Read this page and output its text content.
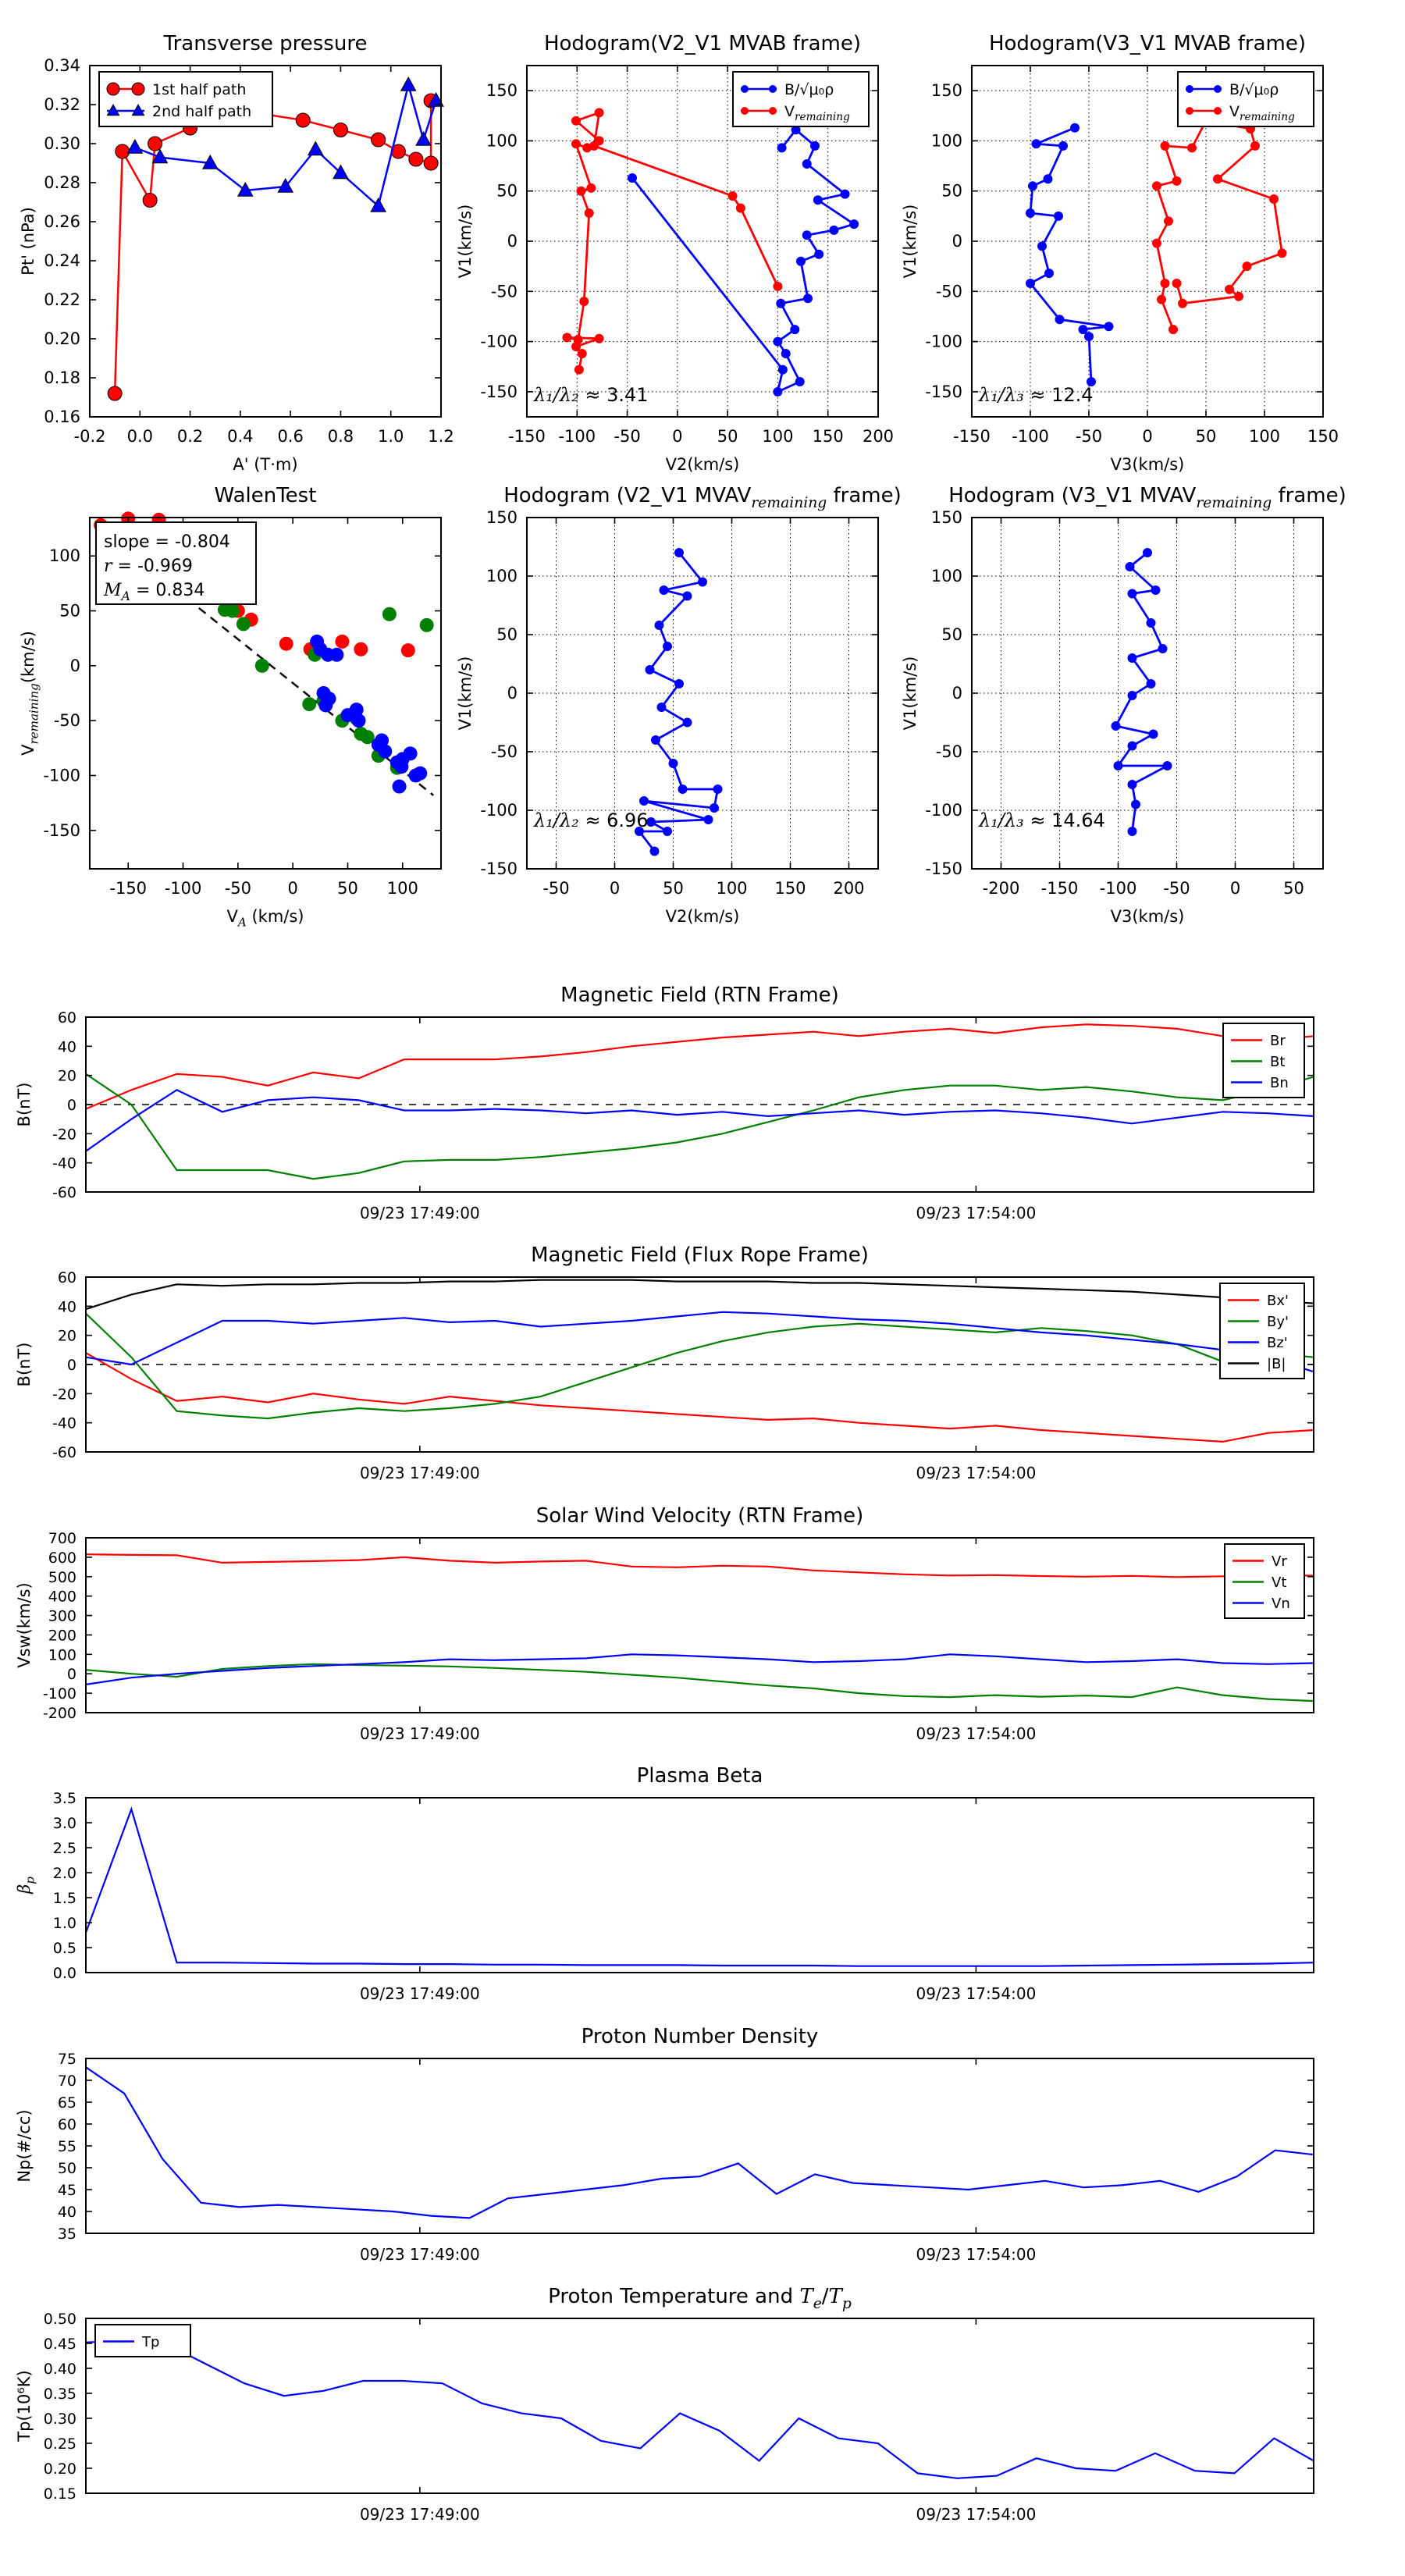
-0.2 0.0 0.2 0.4 0.6 0.8 1.0 1.2
0.16
0.18
0.20
0.22
0.24
0.26
0.28
0.30
0.32
0.34
Transverse pressure
A' (T·m)
Pt' (nPa)
1st half path
2nd half path
-150 -100 -50 0 50 100 150 200
-150
-100
-50
0
50
100
150
Hodogram(V2_V1 MVAB frame)
V2(km/s)
V1(km/s)
B/√μ₀ρ
$V_{remaining}$
λ₁/λ₂ ≈ 3.41
-150 -100 -50 0	50 100 150
-150
-100
-50
0
50
100
150
Hodogram(V3_V1 MVAB frame)
V3(km/s)
V1(km/s)
B/√μ₀ρ
$V_{remaining}$
λ₁/λ₃ ≈ 12.4
-150 -100 -50 0 50 100
-150
-100
-50
0
50
100
WalenTest
$V_A$ (km/s)
$V_{remaining}(km/s)$
slope = -0.804
r = -0.969
$M_A = 0.834$
-50 0	50 100 150 200
-150
-100
-50
0
50
100
150
Hodogram (V2_V1 $MVAV_{remaining}$ frame)
V2(km/s)
V1(km/s)
λ₁/λ₂ ≈ 6.96
-200 -150 -100 -50 0	50
-150
-100
-50
0
50
100
150
Hodogram (V3_V1 $MVAV_{remaining}$ frame)
V3(km/s)
V1(km/s)
λ₁/λ₃ ≈ 14.64
09/23 17:49:00	09/23 17:54:00
-60
-40
-20
0
20
40
60
Magnetic Field (RTN Frame)
B(nT)
Br
Bt
Bn
09/23 17:49:00	09/23 17:54:00
-60
-40
-20
0
20
40
60
Magnetic Field (Flux Rope Frame)
B(nT)
Bx'
By'
Bz'
|B|
09/23 17:49:00	09/23 17:54:00
-200
-100
0
100
200
300
400
500
600
700
Solar Wind Velocity (RTN Frame)
Vsw(km/s)
Vr
Vt
Vn
09/23 17:49:00	09/23 17:54:00
0.0
0.5
1.0
1.5
2.0
2.5
3.0
3.5
Plasma Beta
$\beta_p$
09/23 17:49:00	09/23 17:54:00
35
40
45
50
55
60
65
70
75
Proton Number Density
Np(#/cc)
09/23 17:49:00	09/23 17:54:00
0.15
0.20
0.25
0.30
0.35
0.40
0.45
0.50
Proton Temperature and $T_e/T_p$
Tp(10⁶K)
Tp
